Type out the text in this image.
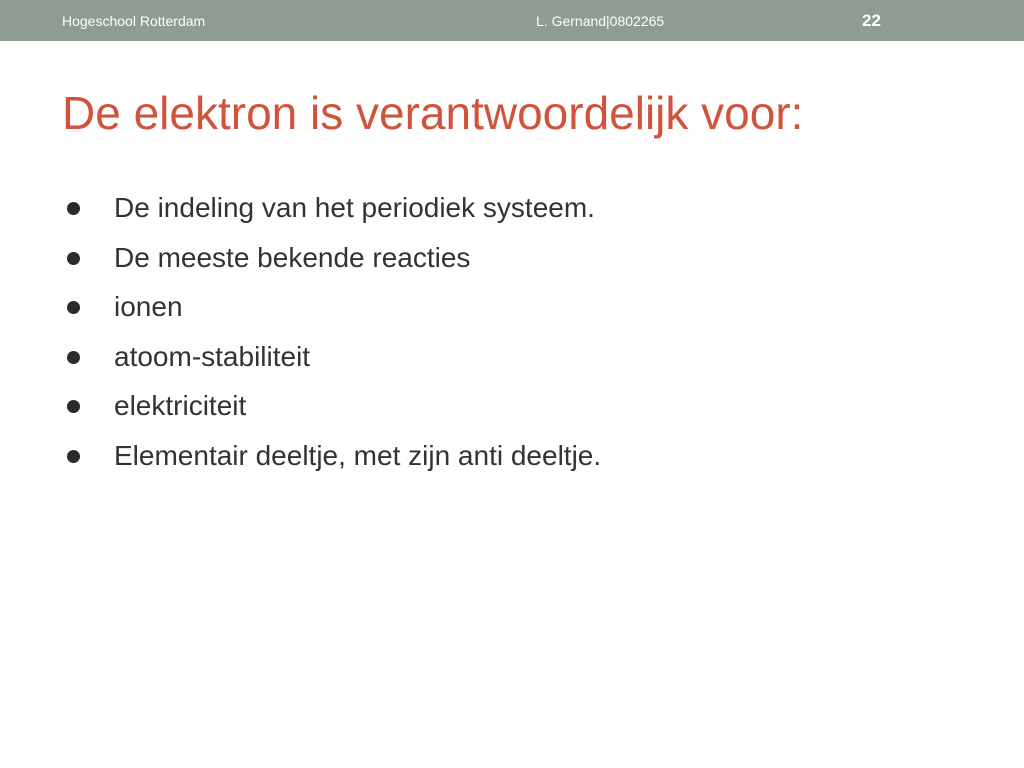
Hogeschool Rotterdam	L. Gernand|0802265	22
De elektron is verantwoordelijk voor:
De indeling van het periodiek systeem.
De meeste bekende reacties
ionen
atoom-stabiliteit
elektriciteit
Elementair deeltje, met zijn anti deeltje.
